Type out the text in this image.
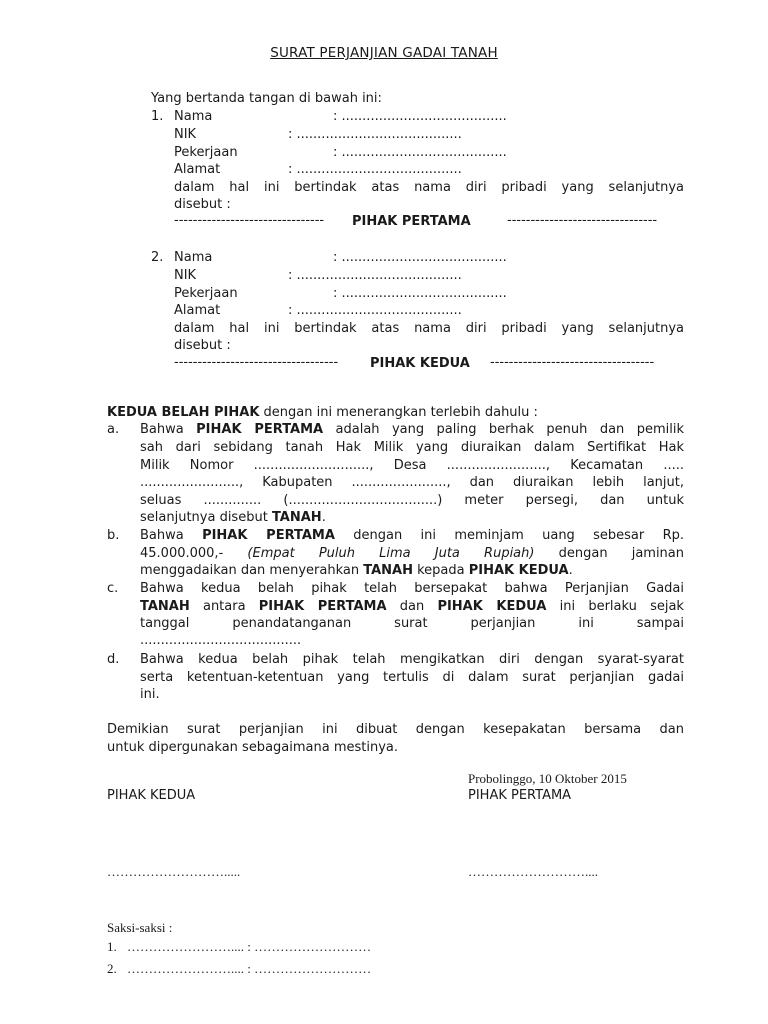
SURAT PERJANJIAN GADAI TANAH
Yang bertanda tangan di bawah ini:
1. Nama	: ........................................
NIK	: ........................................
Pekerjaan	: ........................................
Alamat	: ........................................
dalam hal ini bertindak atas nama diri pribadi yang selanjutnya
disebut :
-------------------------------- PIHAK PERTAMA	--------------------------------
2. Nama	: ........................................
NIK	: ........................................
Pekerjaan	: ........................................
Alamat	: ........................................
dalam hal ini bertindak atas nama diri pribadi yang selanjutnya
disebut :
----------------------------------- PIHAK KEDUA -----------------------------------
KEDUA BELAH PIHAK dengan ini menerangkan terlebih dahulu :
a. Bahwa PIHAK PERTAMA adalah yang paling berhak penuh dan pemilik
sah dari sebidang tanah Hak Milik yang diuraikan dalam Sertifikat Hak
Milik Nomor ............................, Desa ........................, Kecamatan .....
........................, Kabupaten ......................., dan diuraikan lebih lanjut,
seluas .............. (....................................) meter persegi, dan untuk
selanjutnya disebut TANAH.
b. Bahwa PIHAK PERTAMA dengan ini meminjam uang sebesar Rp.
45.000.000,- (Empat Puluh Lima Juta Rupiah) dengan jaminan
menggadaikan dan menyerahkan TANAH kepada PIHAK KEDUA.
c. Bahwa kedua belah pihak telah bersepakat bahwa Perjanjian Gadai
TANAH antara PIHAK PERTAMA dan PIHAK KEDUA ini berlaku sejak
tanggal penandatanganan surat perjanjian ini sampai
.......................................
d. Bahwa kedua belah pihak telah mengikatkan diri dengan syarat-syarat
serta ketentuan-ketentuan yang tertulis di dalam surat perjanjian gadai
ini.
Demikian surat perjanjian ini dibuat dengan kesepakatan bersama dan
untuk dipergunakan sebagaimana mestinya.
Probolinggo, 10 Oktober 2015
PIHAK KEDUA	PIHAK PERTAMA
……………………….....	………………………....
Saksi-saksi :
1. …………………….... : ………………………
2. …………………….... : ………………………
